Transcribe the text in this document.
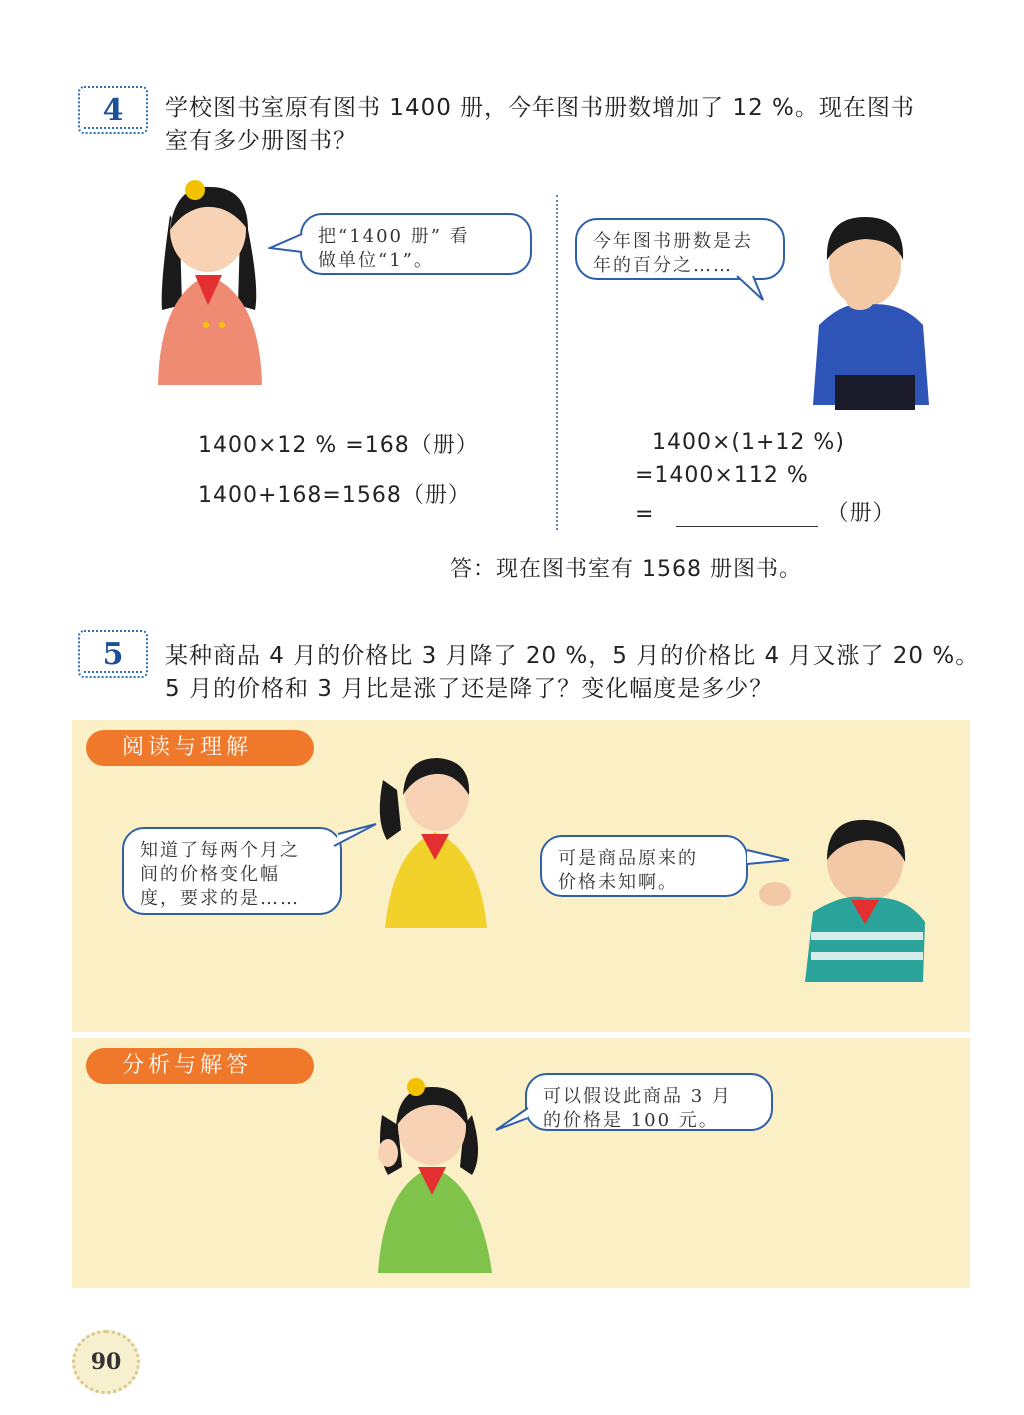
4 学校图书室原有图书 1400 册，今年图书册数增加了 12 %。现在图书
室有多少册图书？
把“1400 册” 看
做单位“1”。
今年图书册数是去
年的百分之……
1400×12 % =168（册）
1400+168=1568（册）
1400×(1+12 %)
=1400×112 %
=	（册）
答：现在图书室有 1568 册图书。
5 某种商品 4 月的价格比 3 月降了 20 %，5 月的价格比 4 月又涨了 20 %。
5 月的价格和 3 月比是涨了还是降了？变化幅度是多少？
阅读与理解
知道了每两个月之
间的价格变化幅
度，要求的是……
可是商品原来的
价格未知啊。
分析与解答
可以假设此商品 3 月
的价格是 100 元。
90
